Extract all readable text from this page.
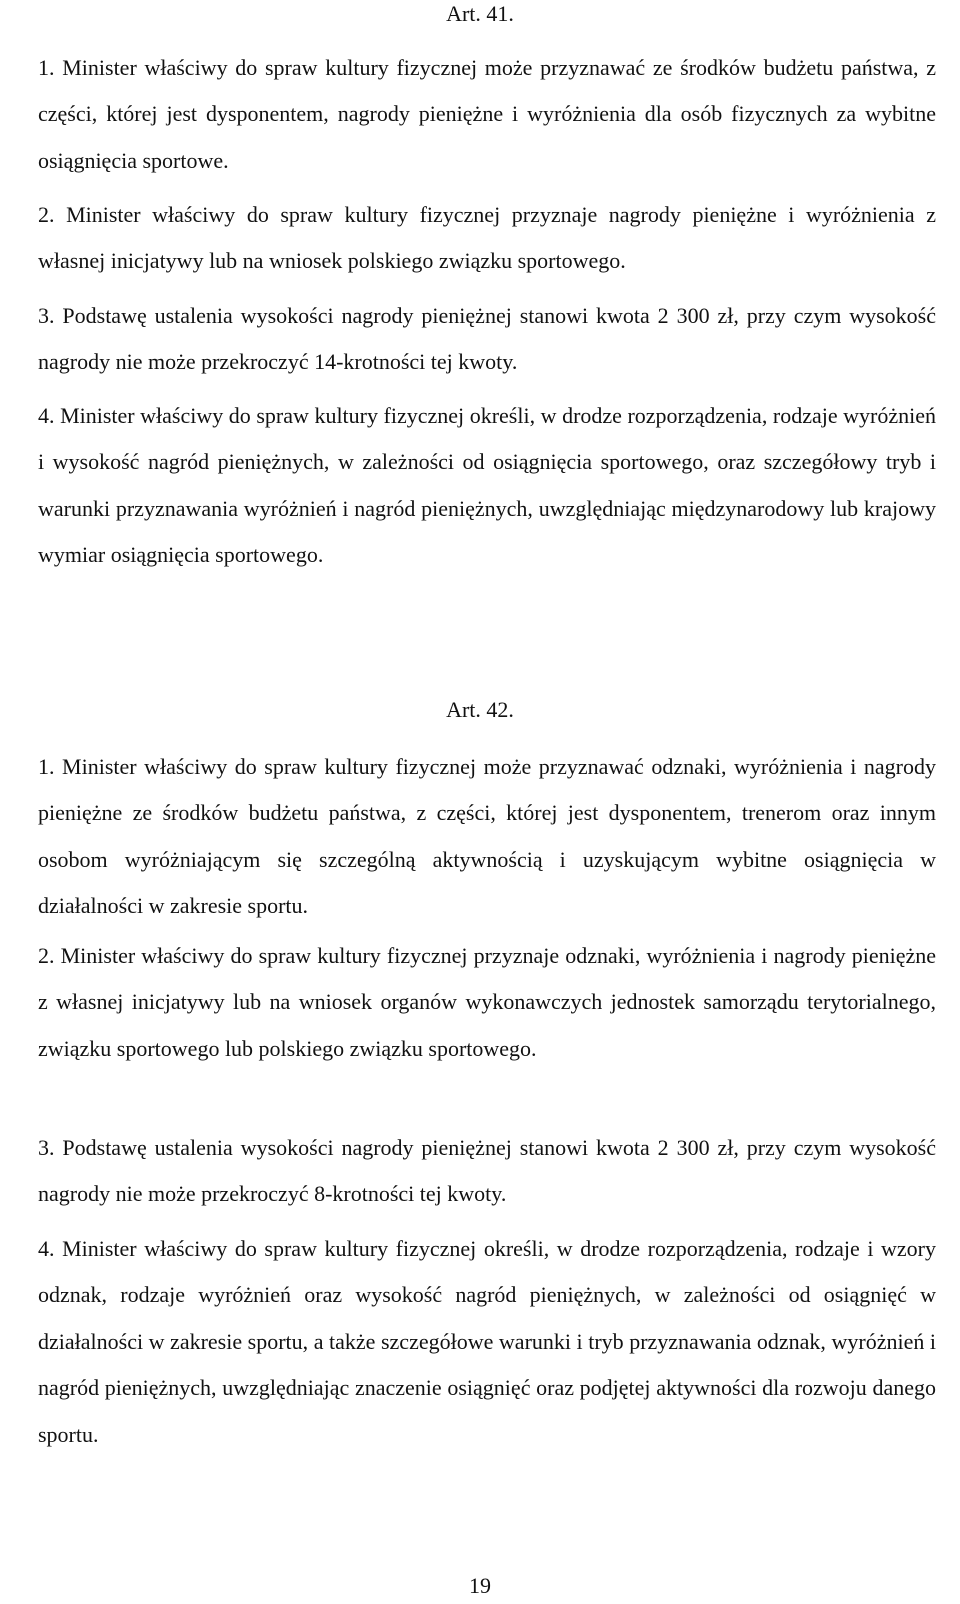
Art. 41.

1. Minister właściwy do spraw kultury fizycznej może przyznawać ze środków budżetu państwa, z części, której jest dysponentem, nagrody pieniężne i wyróżnienia dla osób fizycznych za wybitne osiągnięcia sportowe.

2. Minister właściwy do spraw kultury fizycznej przyznaje nagrody pieniężne i wyróżnienia z własnej inicjatywy lub na wniosek polskiego związku sportowego.

3. Podstawę ustalenia wysokości nagrody pieniężnej stanowi kwota 2 300 zł, przy czym wysokość nagrody nie może przekroczyć 14-krotności tej kwoty.

4. Minister właściwy do spraw kultury fizycznej określi, w drodze rozporządzenia, rodzaje wyróżnień i wysokość nagród pieniężnych, w zależności od osiągnięcia sportowego, oraz szczegółowy tryb i warunki przyznawania wyróżnień i nagród pieniężnych, uwzględniając międzynarodowy lub krajowy wymiar osiągnięcia sportowego.

Art. 42.

1. Minister właściwy do spraw kultury fizycznej może przyznawać odznaki, wyróżnienia i nagrody pieniężne ze środków budżetu państwa, z części, której jest dysponentem, trenerom oraz innym osobom wyróżniającym się szczególną aktywnością i uzyskującym wybitne osiągnięcia w działalności w zakresie sportu.

2. Minister właściwy do spraw kultury fizycznej przyznaje odznaki, wyróżnienia i nagrody pieniężne z własnej inicjatywy lub na wniosek organów wykonawczych jednostek samorządu terytorialnego, związku sportowego lub polskiego związku sportowego.

3. Podstawę ustalenia wysokości nagrody pieniężnej stanowi kwota 2 300 zł, przy czym wysokość nagrody nie może przekroczyć 8-krotności tej kwoty.

4. Minister właściwy do spraw kultury fizycznej określi, w drodze rozporządzenia, rodzaje i wzory odznak, rodzaje wyróżnień oraz wysokość nagród pieniężnych, w zależności od osiągnięć w działalności w zakresie sportu, a także szczegółowe warunki i tryb przyznawania odznak, wyróżnień i nagród pieniężnych, uwzględniając znaczenie osiągnięć oraz podjętej aktywności dla rozwoju danego sportu.

19
